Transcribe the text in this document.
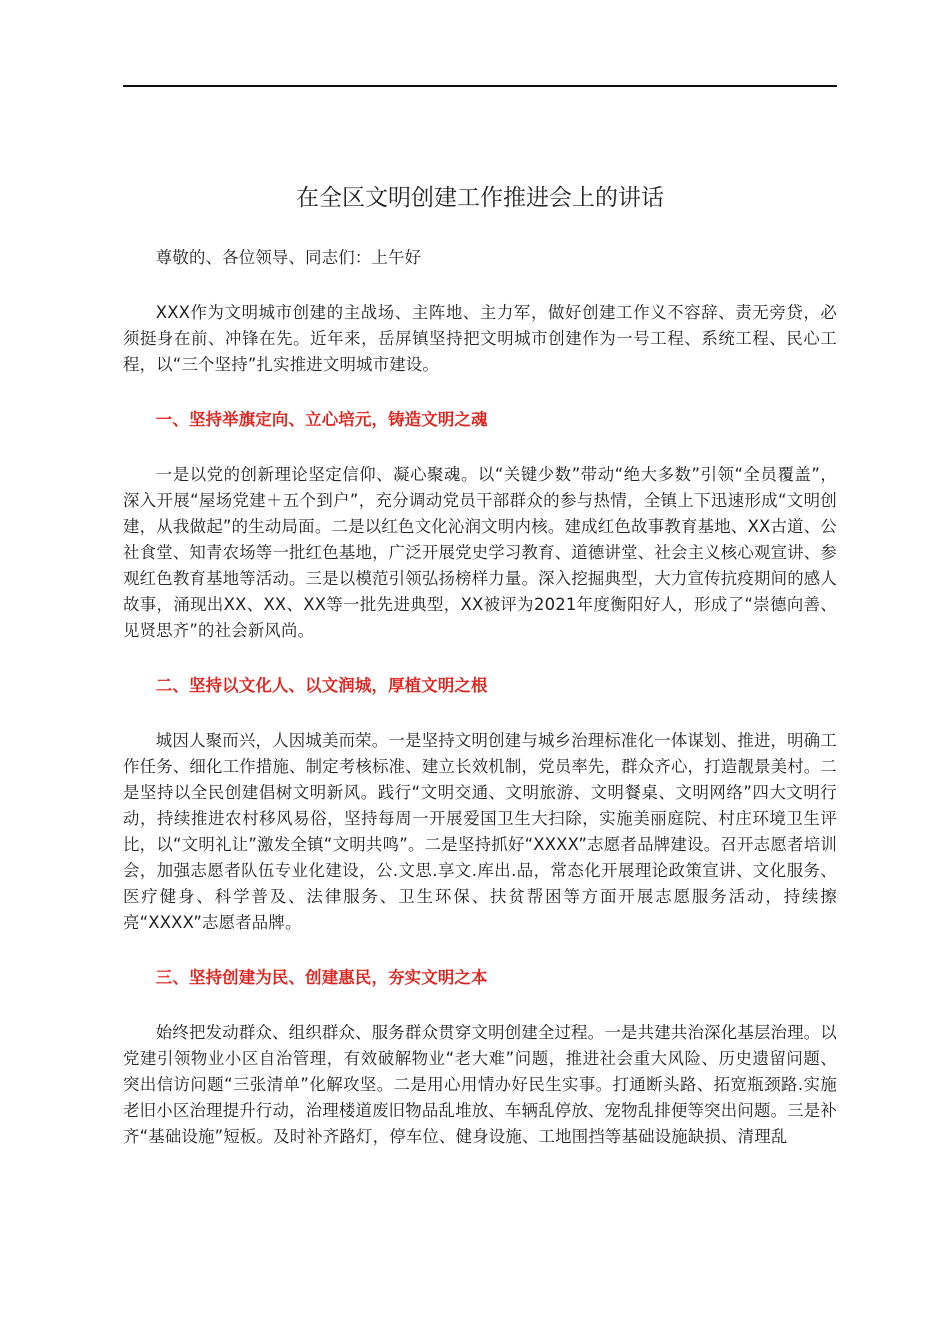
在全区文明创建工作推进会上的讲话

尊敬的、各位领导、同志们：上午好

XXX作为文明城市创建的主战场、主阵地、主力军，做好创建工作义不容辞、责无旁贷，必须挺身在前、冲锋在先。近年来，岳屏镇坚持把文明城市创建作为一号工程、系统工程、民心工程，以“三个坚持”扎实推进文明城市建设。

一、坚持举旗定向、立心培元，铸造文明之魂

一是以党的创新理论坚定信仰、凝心聚魂。以“关键少数”带动“绝大多数”引领“全员覆盖”，深入开展“屋场党建＋五个到户”，充分调动党员干部群众的参与热情，全镇上下迅速形成“文明创建，从我做起”的生动局面。二是以红色文化沁润文明内核。建成红色故事教育基地、XX古道、公社食堂、知青农场等一批红色基地，广泛开展党史学习教育、道德讲堂、社会主义核心观宣讲、参观红色教育基地等活动。三是以模范引领弘扬榜样力量。深入挖掘典型，大力宣传抗疫期间的感人故事，涌现出XX、XX、XX等一批先进典型，XX被评为2021年度衡阳好人，形成了“崇德向善、见贤思齐”的社会新风尚。

二、坚持以文化人、以文润城，厚植文明之根

城因人聚而兴，人因城美而荣。一是坚持文明创建与城乡治理标准化一体谋划、推进，明确工作任务、细化工作措施、制定考核标准、建立长效机制，党员率先，群众齐心，打造靓景美村。二是坚持以全民创建倡树文明新风。践行“文明交通、文明旅游、文明餐桌、文明网络”四大文明行动，持续推进农村移风易俗，坚持每周一开展爱国卫生大扫除，实施美丽庭院、村庄环境卫生评比，以“文明礼让”激发全镇“文明共鸣”。二是坚持抓好“XXXX”志愿者品牌建设。召开志愿者培训会，加强志愿者队伍专业化建设，公.文思.享文.库出.品，常态化开展理论政策宣讲、文化服务、医疗健身、科学普及、法律服务、卫生环保、扶贫帮困等方面开展志愿服务活动，持续擦亮“XXXX”志愿者品牌。

三、坚持创建为民、创建惠民，夯实文明之本

始终把发动群众、组织群众、服务群众贯穿文明创建全过程。一是共建共治深化基层治理。以党建引领物业小区自治管理，有效破解物业“老大难”问题，推进社会重大风险、历史遗留问题、突出信访问题“三张清单”化解攻坚。二是用心用情办好民生实事。打通断头路、拓宽瓶颈路.实施老旧小区治理提升行动，治理楼道废旧物品乱堆放、车辆乱停放、宠物乱排便等突出问题。三是补齐“基础设施”短板。及时补齐路灯，停车位、健身设施、工地围挡等基础设施缺损、清理乱
